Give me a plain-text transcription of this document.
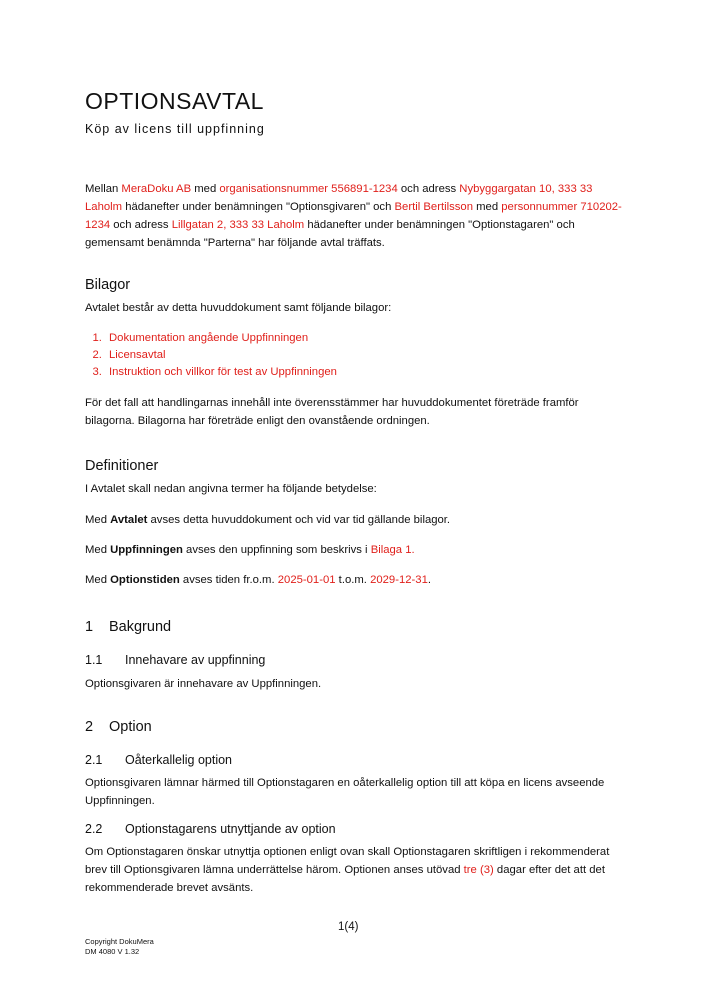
OPTIONSAVTAL
Köp av licens till uppfinning

Mellan MeraDoku AB med organisationsnummer 556891-1234 och adress Nybyggargatan 10, 333 33 Laholm hädanefter under benämningen "Optionsgivaren" och Bertil Bertilsson med personnummer 710202-1234 och adress Lillgatan 2, 333 33 Laholm hädanefter under benämningen "Optionstagaren" och gemensamt benämnda "Parterna" har följande avtal träffats.

Bilagor

Avtalet består av detta huvuddokument samt följande bilagor:

1. Dokumentation angående Uppfinningen
2. Licensavtal
3. Instruktion och villkor för test av Uppfinningen

För det fall att handlingarnas innehåll inte överensstämmer har huvuddokumentet företräde framför bilagorna. Bilagorna har företräde enligt den ovanstående ordningen.

Definitioner

I Avtalet skall nedan angivna termer ha följande betydelse:

Med Avtalet avses detta huvuddokument och vid var tid gällande bilagor.

Med Uppfinningen avses den uppfinning som beskrivs i Bilaga 1.

Med Optionstiden avses tiden fr.o.m. 2025-01-01 t.o.m. 2029-12-31.

1 Bakgrund
1.1 Innehavare av uppfinning

Optionsgivaren är innehavare av Uppfinningen.

2 Option
2.1 Oåterkallelig option

Optionsgivaren lämnar härmed till Optionstagaren en oåterkallelig option till att köpa en licens avseende Uppfinningen.

2.2 Optionstagarens utnyttjande av option

Om Optionstagaren önskar utnyttja optionen enligt ovan skall Optionstagaren skriftligen i rekommenderat brev till Optionsgivaren lämna underrättelse härom. Optionen anses utövad tre (3) dagar efter det att det rekommenderade brevet avsänts.

1(4)
Copyright DokuMera
DM 4080 V 1.32
